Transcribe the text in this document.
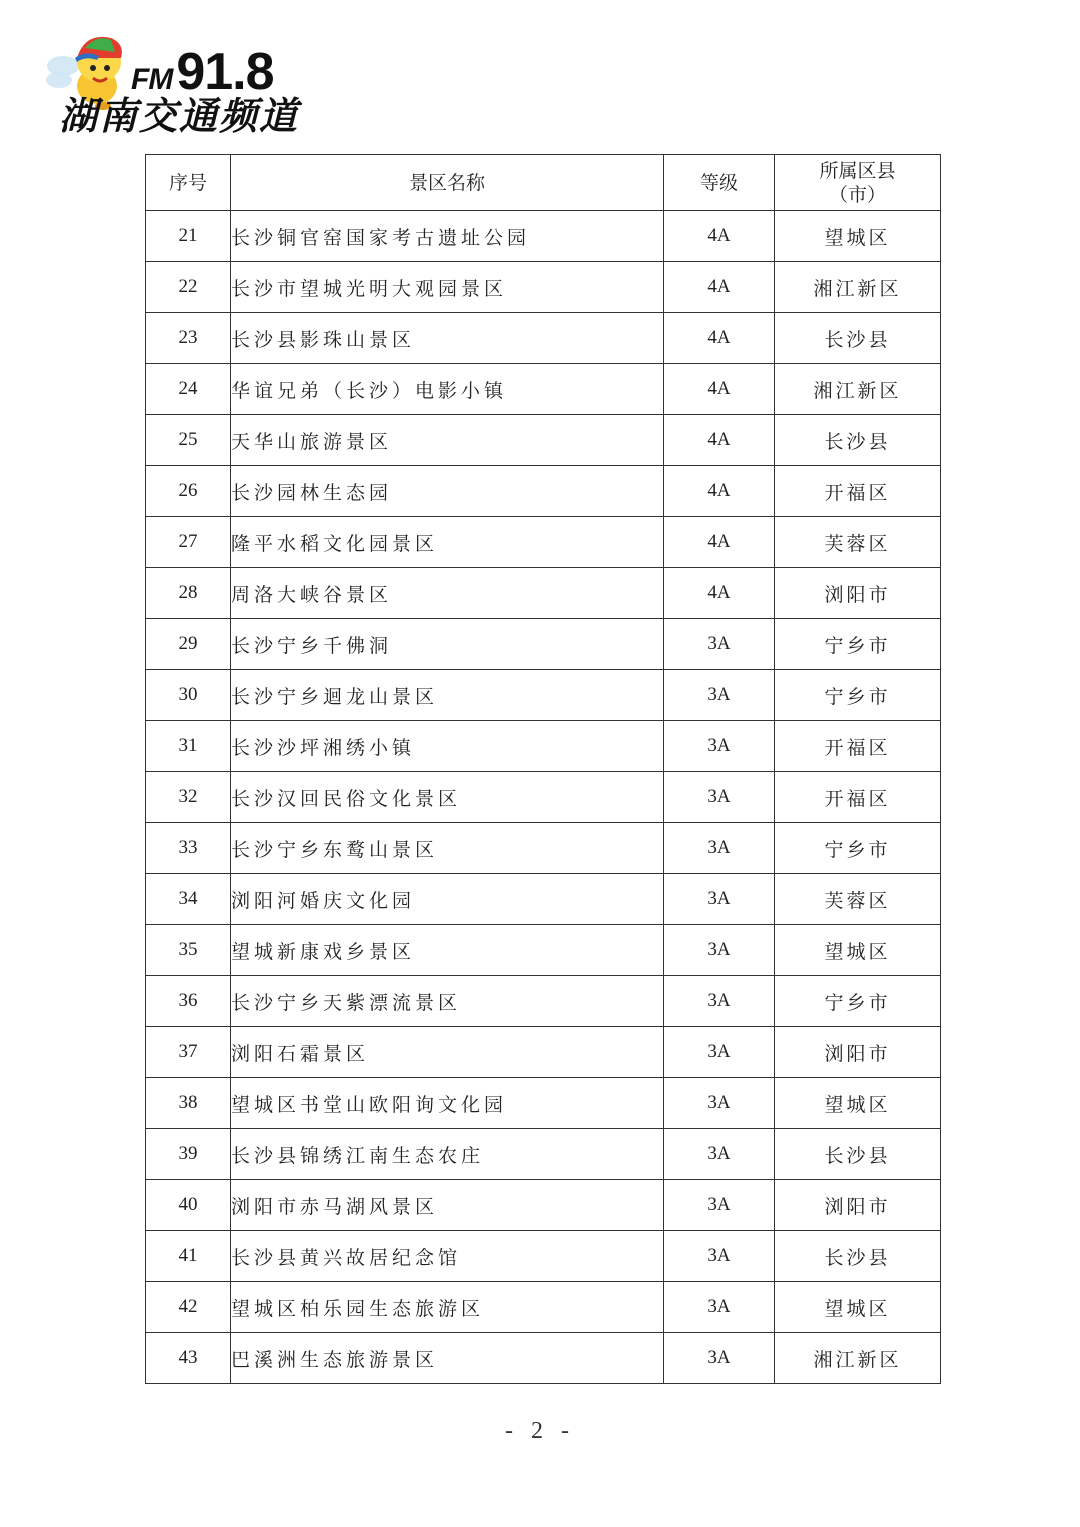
FM91.8
湖南交通频道
序号	景区名称	等级	所属区县（市）
21	长沙铜官窑国家考古遗址公园	4A	望城区
22	长沙市望城光明大观园景区	4A	湘江新区
23	长沙县影珠山景区	4A	长沙县
24	华谊兄弟（长沙）电影小镇	4A	湘江新区
25	天华山旅游景区	4A	长沙县
26	长沙园林生态园	4A	开福区
27	隆平水稻文化园景区	4A	芙蓉区
28	周洛大峡谷景区	4A	浏阳市
29	长沙宁乡千佛洞	3A	宁乡市
30	长沙宁乡迴龙山景区	3A	宁乡市
31	长沙沙坪湘绣小镇	3A	开福区
32	长沙汉回民俗文化景区	3A	开福区
33	长沙宁乡东鹜山景区	3A	宁乡市
34	浏阳河婚庆文化园	3A	芙蓉区
35	望城新康戏乡景区	3A	望城区
36	长沙宁乡天紫漂流景区	3A	宁乡市
37	浏阳石霜景区	3A	浏阳市
38	望城区书堂山欧阳询文化园	3A	望城区
39	长沙县锦绣江南生态农庄	3A	长沙县
40	浏阳市赤马湖风景区	3A	浏阳市
41	长沙县黄兴故居纪念馆	3A	长沙县
42	望城区柏乐园生态旅游区	3A	望城区
43	巴溪洲生态旅游景区	3A	湘江新区
- 2 -
